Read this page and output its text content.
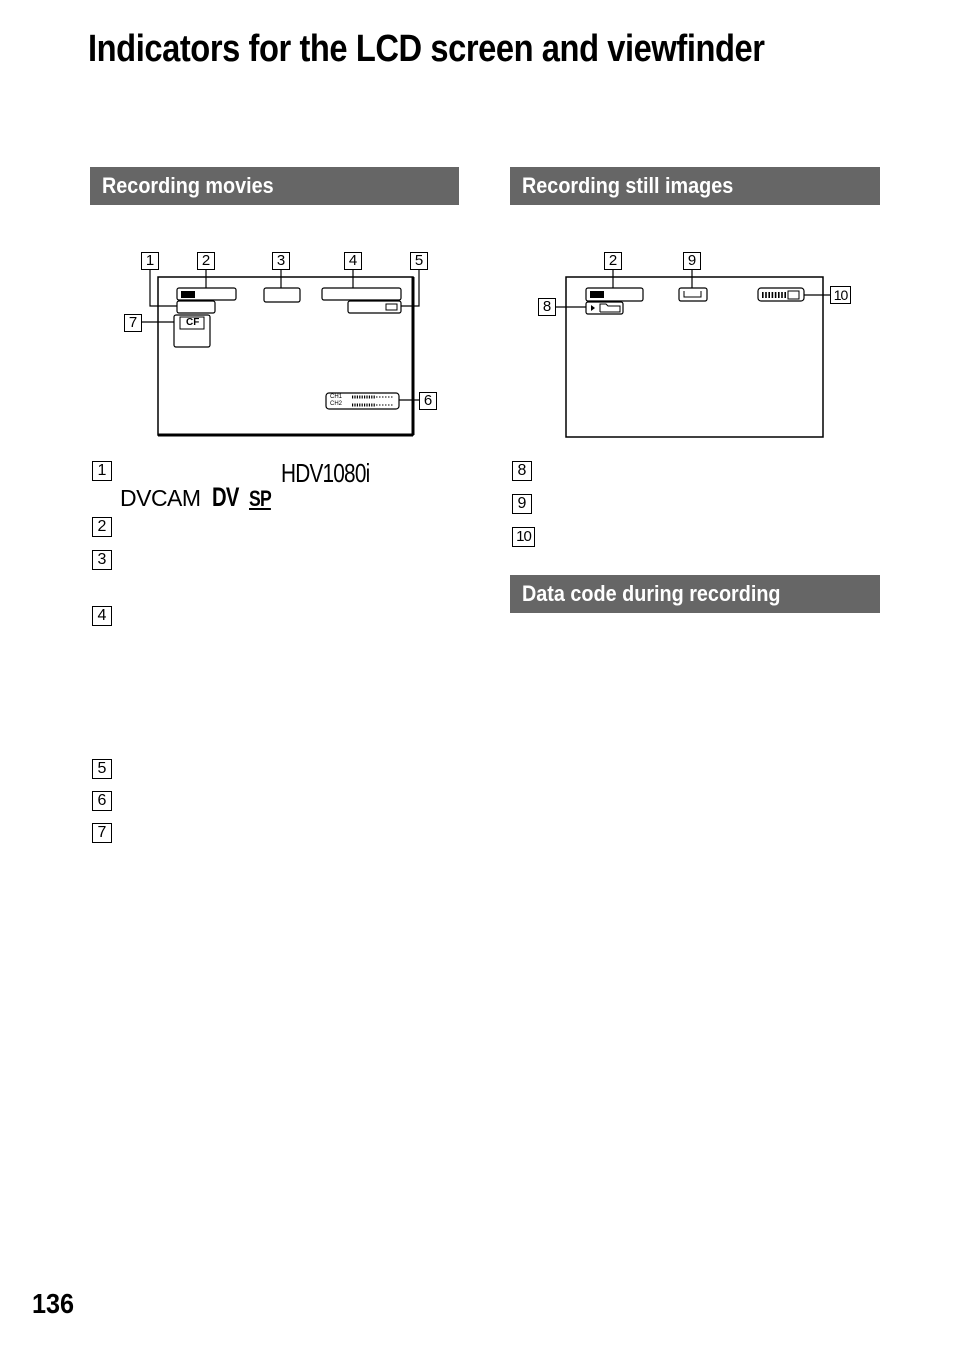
Indicators for the LCD screen and viewfinder
Recording movies	Recording still images
Data code during recording
CF
CH1
CH2
1	2	3	4	5
7
6
2	9
8
10
1	HDV1080i
DVCAM DV SP
2
3
4
5
6
7
8
9
10
136
